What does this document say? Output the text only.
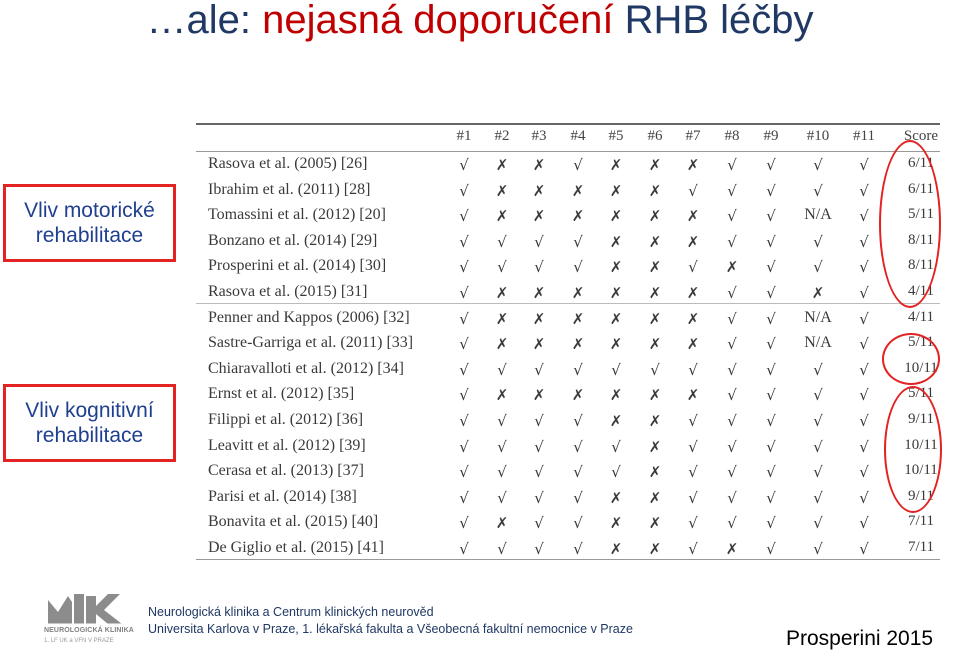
…ale: nejasná doporučení RHB léčby
Vliv motorické
rehabilitace
Vliv kognitivní
rehabilitace
#1 #2 #3 #4 #5 #6 #7 #8 #9 #10 #11 Score
Rasova et al. (2005) [26]	√ ✗ ✗ √ ✗ ✗ ✗ √ √ √ √	6/11
Ibrahim et al. (2011) [28]	√ ✗ ✗ ✗ ✗ ✗ √ √ √ √ √	6/11
Tomassini et al. (2012) [20]	√ ✗ ✗ ✗ ✗ ✗ ✗ √ √ N/A √	5/11
Bonzano et al. (2014) [29]	√ √ √ √ ✗ ✗ ✗ √ √ √ √	8/11
Prosperini et al. (2014) [30]	√ √ √ √ ✗ ✗ √ ✗ √ √ √	8/11
Rasova et al. (2015) [31]	√ ✗ ✗ ✗ ✗ ✗ ✗ √ √ ✗ √	4/11
Penner and Kappos (2006) [32]	√ ✗ ✗ ✗ ✗ ✗ ✗ √ √ N/A √	4/11
Sastre-Garriga et al. (2011) [33]	√ ✗ ✗ ✗ ✗ ✗ ✗ √ √ N/A √	5/11
Chiaravalloti et al. (2012) [34]	√ √ √ √ √ √ √ √ √ √ √ 10/11
Ernst et al. (2012) [35]	√ ✗ ✗ ✗ ✗ ✗ ✗ √ √ √ √	5/11
Filippi et al. (2012) [36]	√ √ √ √ ✗ ✗ √ √ √ √ √	9/11
Leavitt et al. (2012) [39]	√ √ √ √ √ ✗ √ √ √ √ √ 10/11
Cerasa et al. (2013) [37]	√ √ √ √ √ ✗ √ √ √ √ √ 10/11
Parisi et al. (2014) [38]	√ √ √ √ ✗ ✗ √ √ √ √ √	9/11
Bonavita et al. (2015) [40]	√ ✗ √ √ ✗ ✗ √ √ √ √ √	7/11
De Giglio et al. (2015) [41]	√ √ √ √ ✗ ✗ √ ✗ √ √ √	7/11
NEUROLOGICKÁ KLINIKA
1. LF UK a VFN V PRAZE
Neurologická klinika a Centrum klinických neurověd
Universita Karlova v Praze, 1. lékařská fakulta a Všeobecná fakultní nemocnice v Praze	Prosperini 2015
